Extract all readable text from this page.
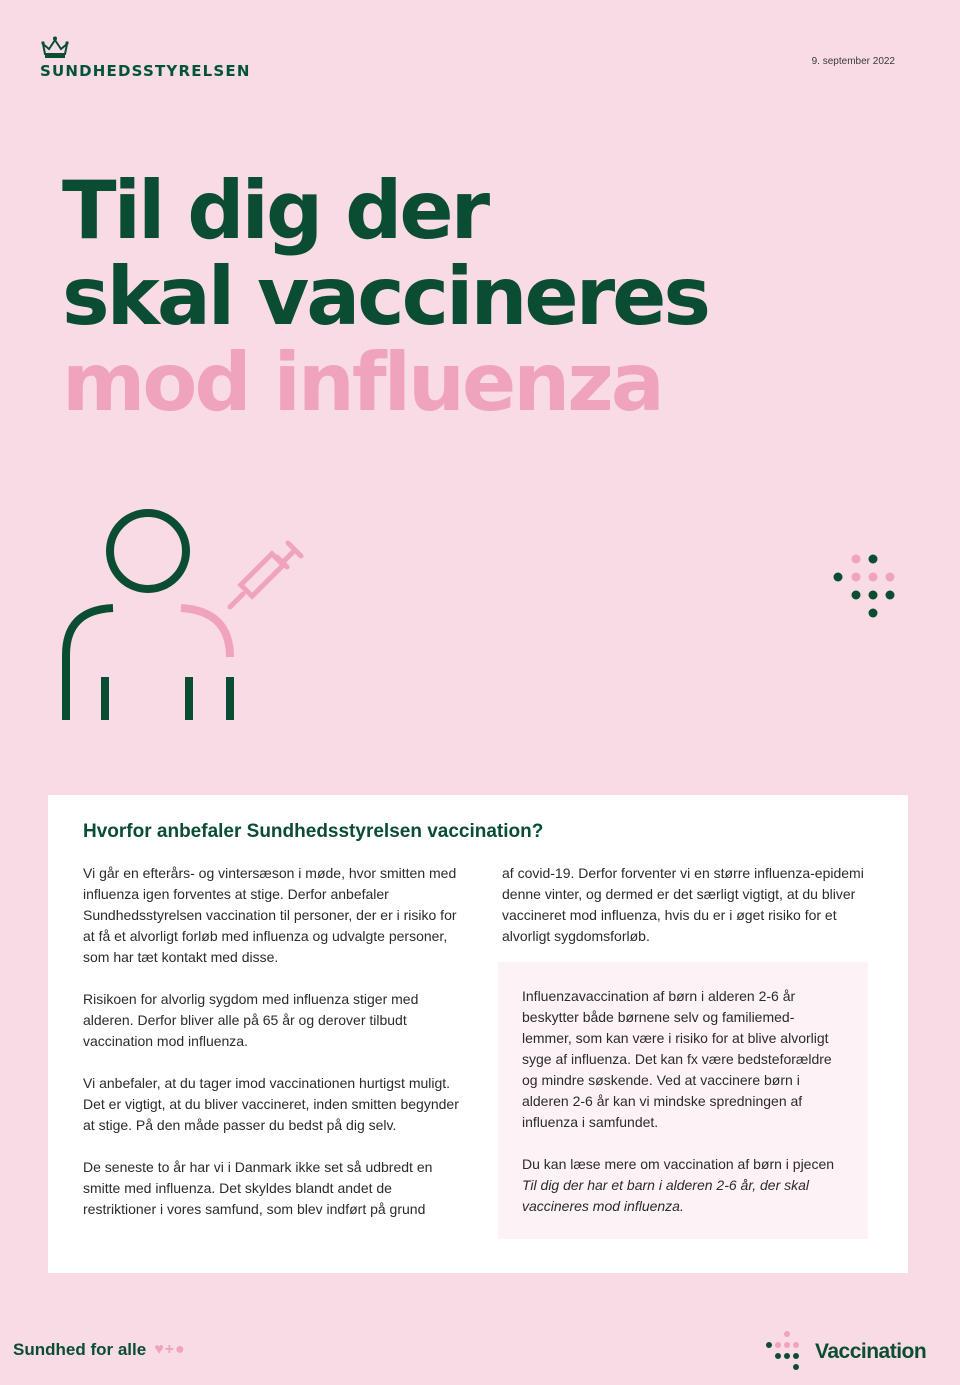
SUNDHEDSSTYRELSEN
9. september 2022
Til dig der
skal vaccineres
mod influenza
Hvorfor anbefaler Sundhedsstyrelsen vaccination?

Vi går en efterårs- og vintersæson i møde, hvor smitten med influenza igen forventes at stige. Derfor anbefaler Sundhedsstyrelsen vaccination til personer, der er i risiko for at få et alvorligt forløb med influenza og udvalgte personer, som har tæt kontakt med disse.

Risikoen for alvorlig sygdom med influenza stiger med alderen. Derfor bliver alle på 65 år og derover tilbudt vaccination mod influenza.

Vi anbefaler, at du tager imod vaccinationen hurtigst muligt. Det er vigtigt, at du bliver vaccineret, inden smitten begynder at stige. På den måde passer du bedst på dig selv.

De seneste to år har vi i Danmark ikke set så udbredt en smitte med influenza. Det skyldes blandt andet de restriktioner i vores samfund, som blev indført på grund

af covid-19. Derfor forventer vi en større influenza-epidemi denne vinter, og dermed er det særligt vigtigt, at du bliver vaccineret mod influenza, hvis du er i øget risiko for et alvorligt sygdomsforløb.

Influenzavaccination af børn i alderen 2-6 år beskytter både børnene selv og familiemed-lemmer, som kan være i risiko for at blive alvorligt syge af influenza. Det kan fx være bedsteforældre og mindre søskende. Ved at vaccinere børn i alderen 2-6 år kan vi mindske spredningen af influenza i samfundet.

Du kan læse mere om vaccination af børn i pjecen Til dig der har et barn i alderen 2-6 år, der skal vaccineres mod influenza.

Sundhed for alle ♥+●	Vaccination
